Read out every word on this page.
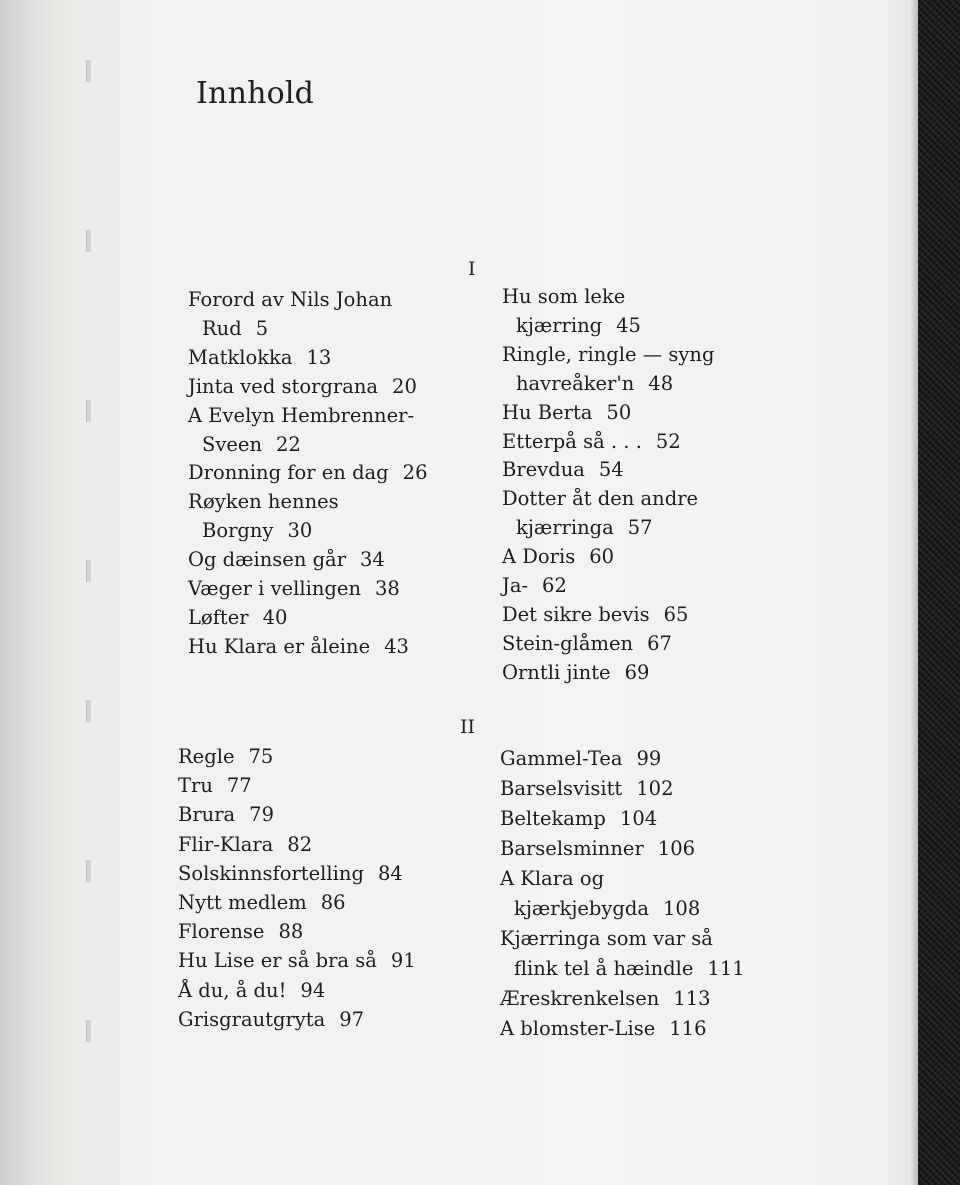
Innhold
I
Forord av Nils Johan
Rud 5
Matklokka 13
Jinta ved storgrana 20
A Evelyn Hembrenner-
Sveen 22
Dronning for en dag 26
Røyken hennes
Borgny 30
Og dæinsen går 34
Væger i vellingen 38
Løfter 40
Hu Klara er åleine 43
Hu som leke
kjærring 45
Ringle, ringle — syng
havreåker'n 48
Hu Berta 50
Etterpå så . . . 52
Brevdua 54
Dotter åt den andre
kjærringa 57
A Doris 60
Ja- 62
Det sikre bevis 65
Stein-glåmen 67
Orntli jinte 69
II
Regle 75
Tru 77
Brura 79
Flir-Klara 82
Solskinnsfortelling 84
Nytt medlem 86
Florense 88
Hu Lise er så bra så 91
Å du, å du! 94
Grisgrautgryta 97
Gammel-Tea 99
Barselsvisitt 102
Beltekamp 104
Barselsminner 106
A Klara og
kjærkjebygda 108
Kjærringa som var så
flink tel å hæindle 111
Æreskrenkelsen 113
A blomster-Lise 116
